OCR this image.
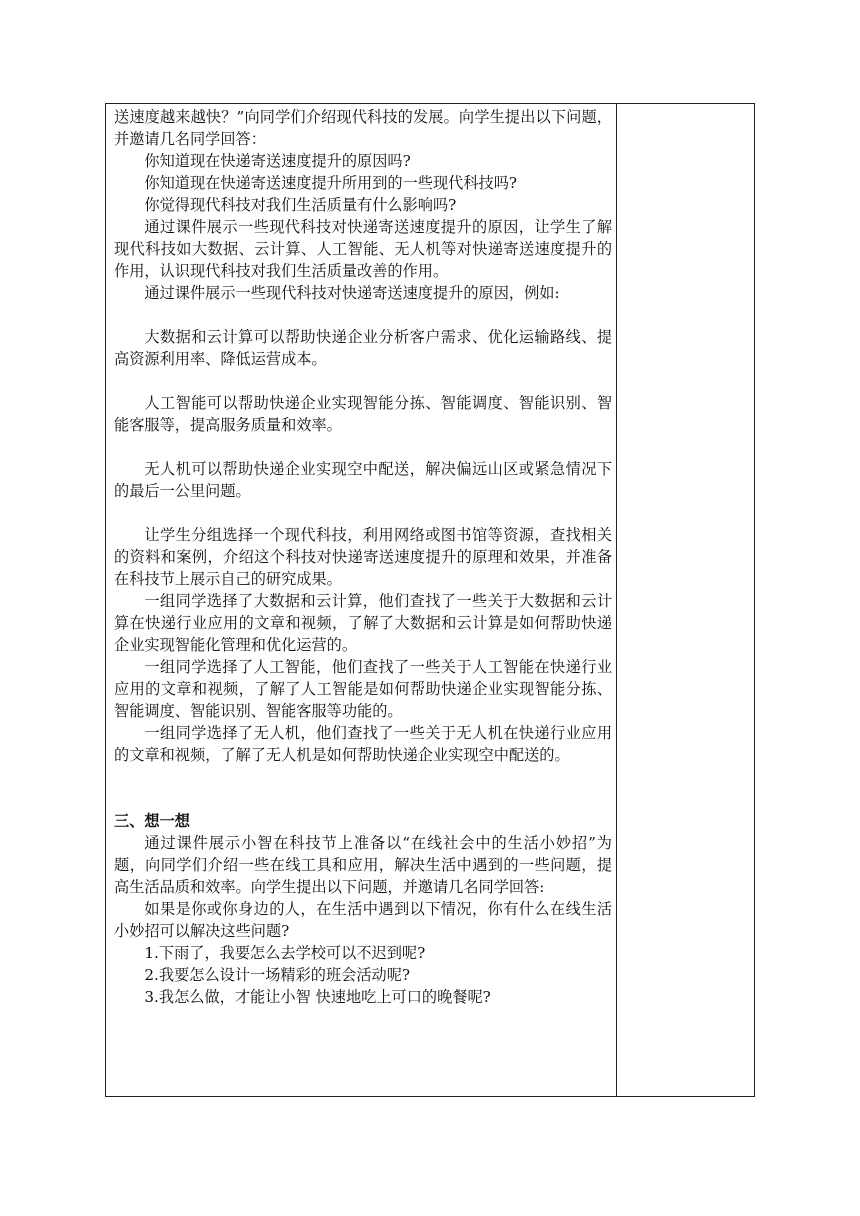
送速度越来越快？”向同学们介绍现代科技的发展。向学生提出以下问题，并邀请几名同学回答：

你知道现在快递寄送速度提升的原因吗?

你知道现在快递寄送速度提升所用到的一些现代科技吗?

你觉得现代科技对我们生活质量有什么影响吗?

通过课件展示一些现代科技对快递寄送速度提升的原因，让学生了解现代科技如大数据、云计算、人工智能、无人机等对快递寄送速度提升的作用，认识现代科技对我们生活质量改善的作用。

通过课件展示一些现代科技对快递寄送速度提升的原因，例如:

大数据和云计算可以帮助快递企业分析客户需求、优化运输路线、提高资源利用率、降低运营成本。

人工智能可以帮助快递企业实现智能分拣、智能调度、智能识别、智能客服等，提高服务质量和效率。

无人机可以帮助快递企业实现空中配送，解决偏远山区或紧急情况下的最后一公里问题。

让学生分组选择一个现代科技，利用网络或图书馆等资源，查找相关的资料和案例，介绍这个科技对快递寄送速度提升的原理和效果，并准备在科技节上展示自己的研究成果。

一组同学选择了大数据和云计算，他们查找了一些关于大数据和云计算在快递行业应用的文章和视频，了解了大数据和云计算是如何帮助快递企业实现智能化管理和优化运营的。

一组同学选择了人工智能，他们查找了一些关于人工智能在快递行业应用的文章和视频，了解了人工智能是如何帮助快递企业实现智能分拣、智能调度、智能识别、智能客服等功能的。

一组同学选择了无人机，他们查找了一些关于无人机在快递行业应用的文章和视频，了解了无人机是如何帮助快递企业实现空中配送的。

三、想一想

通过课件展示小智在科技节上准备以“在线社会中的生活小妙招”为题，向同学们介绍一些在线工具和应用，解决生活中遇到的一些问题，提高生活品质和效率。向学生提出以下问题，并邀请几名同学回答:

如果是你或你身边的人，在生活中遇到以下情况，你有什么在线生活小妙招可以解决这些问题?

1.下雨了，我要怎么去学校可以不迟到呢?

2.我要怎么设计一场精彩的班会活动呢?

3.我怎么做，才能让小智 快速地吃上可口的晚餐呢?
